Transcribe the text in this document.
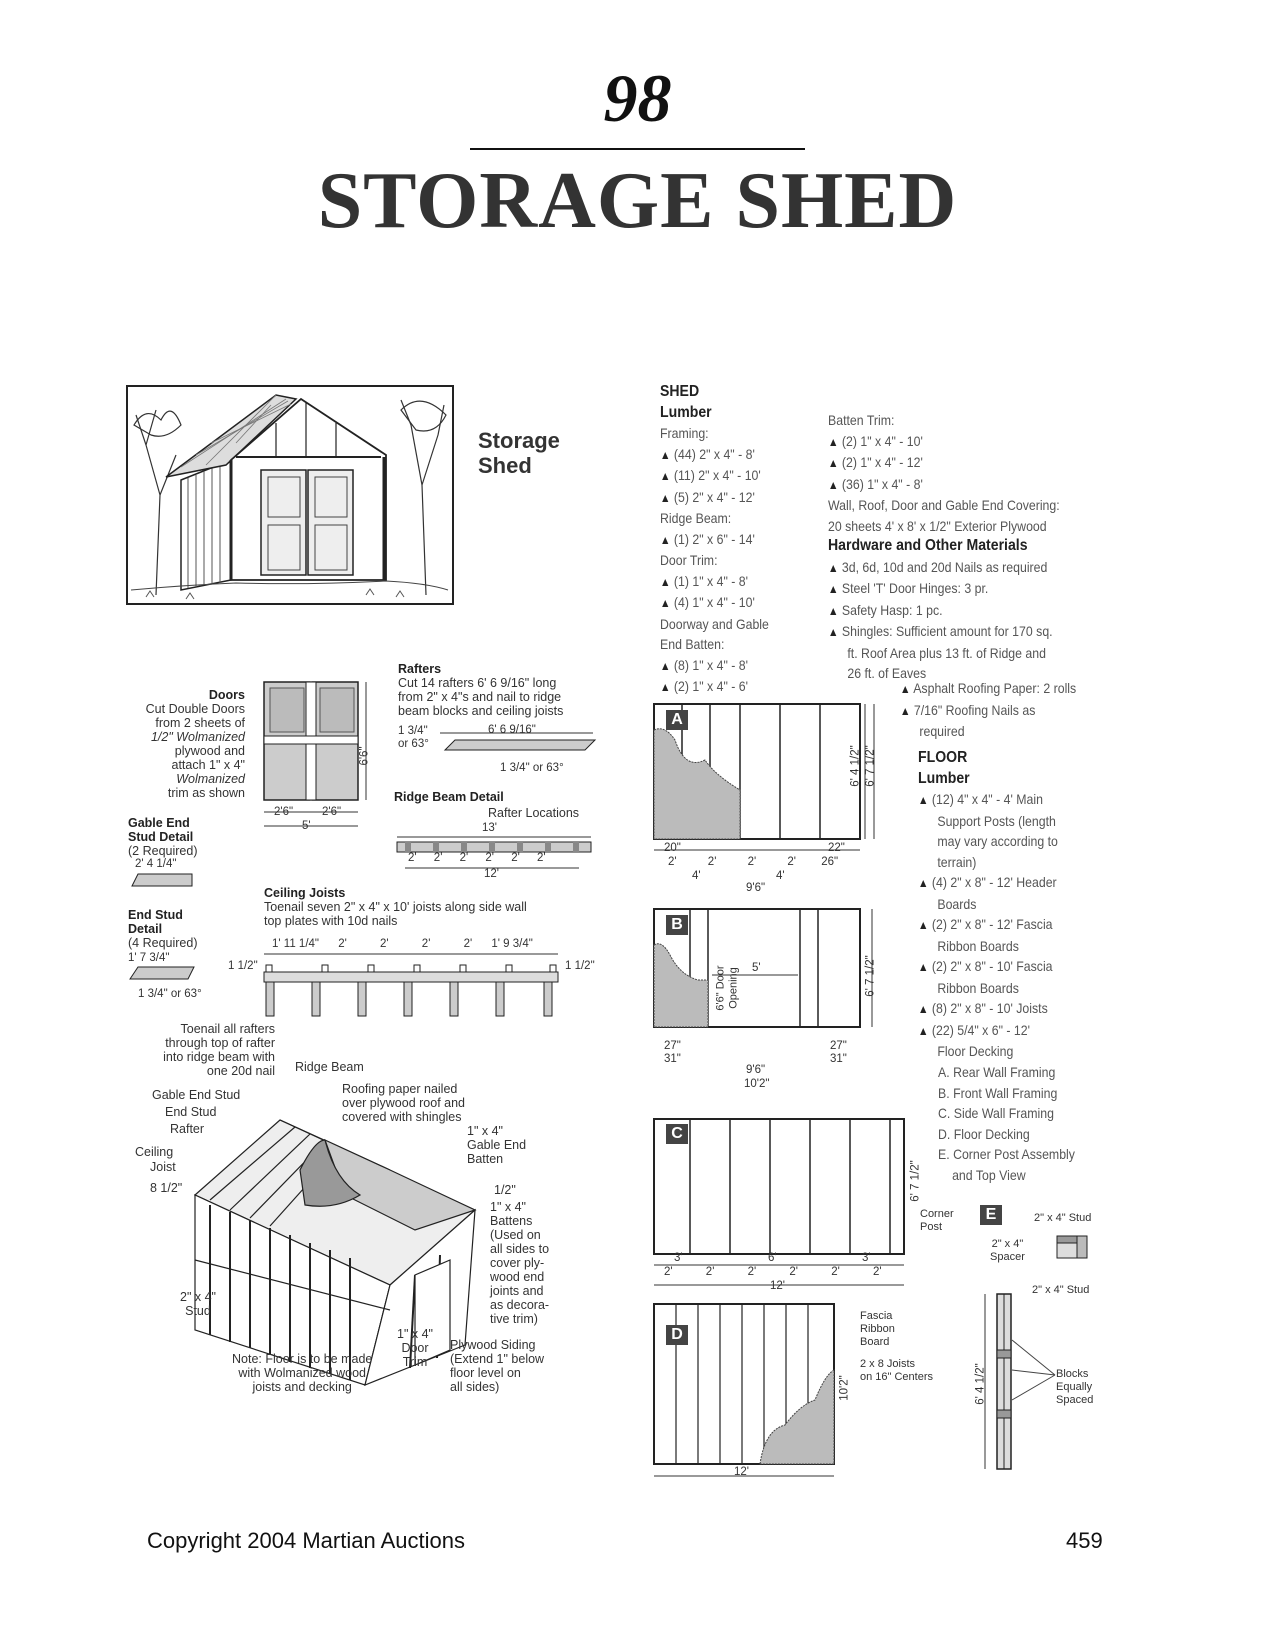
98
STORAGE SHED
Storage
Shed
Doors
Cut Double Doors
from 2 sheets of
1/2" Wolmanized
plywood and
attach 1" x 4"
Wolmanized
trim as shown
6'6"
2'6"	2'6"
5'
Rafters
Cut 14 rafters 6' 6 9/16" long
from 2" x 4"s and nail to ridge
beam blocks and ceiling joists
1 3/4"
or 63°
6' 6 9/16"
1 3/4" or 63°
Ridge Beam Detail
Rafter Locations
13'
2' 2' 2' 2' 2' 2'
12'
Gable End
Stud Detail
(2 Required)
2' 4 1/4"
End Stud
Detail
(4 Required)
1' 7 3/4"
1 3/4" or 63°
Ceiling Joists
Toenail seven 2" x 4" x 10' joists along side wall
top plates with 10d nails
1' 11 1/4" 2'	2'	2'	2' 1' 9 3/4"
1 1/2"	1 1/2"
Toenail all rafters
through top of rafter
into ridge beam with
one 20d nail Ridge Beam
Roofing paper nailed
over plywood roof and
covered with shingles
Gable End Stud
End Stud
Rafter
Ceiling
Joist
8 1/2"
1" x 4"
Gable End
Batten
1/2"
1" x 4"
Battens
(Used on
all sides to
cover ply-
wood end
joints and
as decora-
tive trim)
2" x 4"
Stud
1" x 4"
Door
Trim
Plywood Siding
(Extend 1" below
floor level on
all sides)
Note: Floor is to be made
with Wolmanized wood
joists and decking
SHED
Lumber
Framing:
▲ (44) 2" x 4" - 8'
▲ (11) 2" x 4" - 10'
▲ (5) 2" x 4" - 12'
Ridge Beam:
▲ (1) 2" x 6" - 14'
Door Trim:
▲ (1) 1" x 4" - 8'
▲ (4) 1" x 4" - 10'
Doorway and Gable
End Batten:
▲ (8) 1" x 4" - 8'
▲ (2) 1" x 4" - 6'
Batten Trim:
▲ (2) 1" x 4" - 10'
▲ (2) 1" x 4" - 12'
▲ (36) 1" x 4" - 8'
Wall, Roof, Door and Gable End Covering:
20 sheets 4' x 8' x 1/2" Exterior Plywood
Hardware and Other Materials
▲ 3d, 6d, 10d and 20d Nails as required
▲ Steel 'T' Door Hinges: 3 pr.
▲ Safety Hasp: 1 pc.
▲ Shingles: Sufficient amount for 170 sq.
ft. Roof Area plus 13 ft. of Ridge and
26 ft. of Eaves
▲ Asphalt Roofing Paper: 2 rolls
▲ 7/16" Roofing Nails as
required
FLOOR
Lumber
▲ (12) 4" x 4" - 4' Main
Support Posts (length
may vary according to
terrain)
▲ (4) 2" x 8" - 12' Header
Boards
▲ (2) 2" x 8" - 12' Fascia
Ribbon Boards
▲ (2) 2" x 8" - 10' Fascia
Ribbon Boards
▲ (8) 2" x 8" - 10' Joists
▲ (22) 5/4" x 6" - 12'
Floor Decking
A. Rear Wall Framing
B. Front Wall Framing
C. Side Wall Framing
D. Floor Decking
E. Corner Post Assembly
and Top View
A
6' 4 1/2" 6' 7 1/2"
20"	22"
2'	2'	2'	2' 26"
4'	4'
9'6"
B
6'6" Door Opening 5'	6' 7 1/2"
27"
31"
27"
31"
9'6"
10'2"
C
6' 7 1/2"
Corner
Post
3'	6'	3'
2'	2'	2'	2'	2'	2'
12'
D
Fascia
Ribbon
Board
2 x 8 Joists
on 16" Centers
10'2"
12'
E	2" x 4" Stud
2" x 4"
Spacer
2" x 4" Stud
6' 4 1/2"	Blocks
Equally
Spaced
Copyright 2004 Martian Auctions	459
